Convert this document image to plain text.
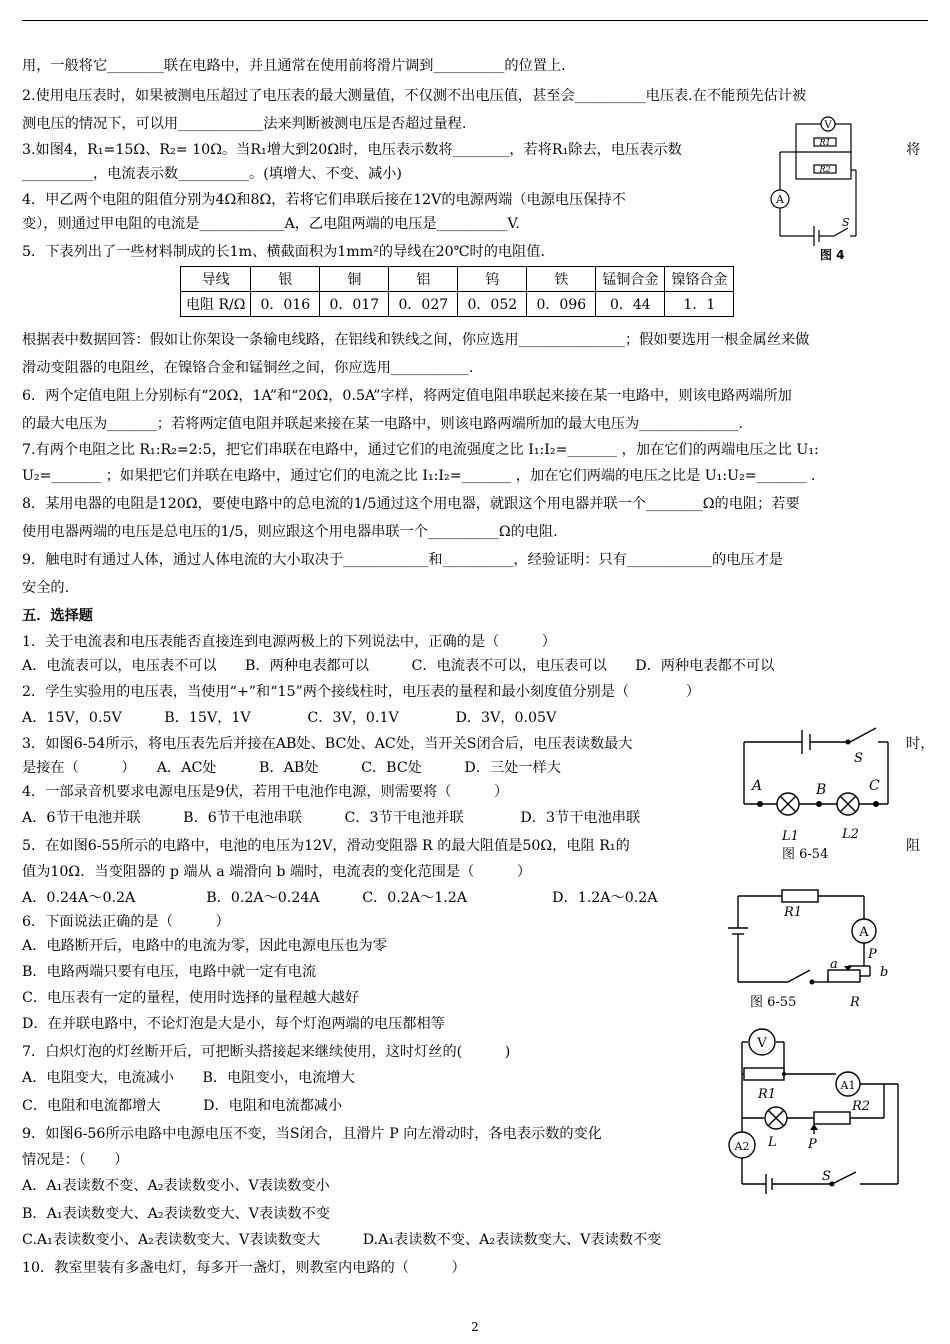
用，一般将它________联在电路中，并且通常在使用前将滑片调到__________的位置上.
2.使用电压表时，如果被测电压超过了电压表的最大测量值，不仅测不出电压值，甚至会__________电压表.在不能预先估计被
测电压的情况下，可以用____________法来判断被测电压是否超过量程.
3.如图4，R₁=15Ω、R₂= 10Ω。当R₁增大到20Ω时，电压表示数将________，若将R₁除去，电压表示数	将
__________，电流表示数__________。(填增大、不变、减小)
4．甲乙两个电阻的阻值分别为4Ω和8Ω，若将它们串联后接在12V的电源两端（电源电压保持不
变），则通过甲电阻的电流是____________A，乙电阻两端的电压是__________V.
5．下表列出了一些材料制成的长1m、横截面积为1mm²的导线在20℃时的电阻值.
根据表中数据回答：假如让你架设一条输电线路，在铝线和铁线之间，你应选用_______________；假如要选用一根金属丝来做
滑动变阻器的电阻丝，在镍铬合金和锰铜丝之间，你应选用___________.
6．两个定值电阻上分别标有“20Ω，1A”和“20Ω，0.5A”字样，将两定值电阻串联起来接在某一电路中，则该电路两端所加
的最大电压为_______；若将两定值电阻并联起来接在某一电路中，则该电路两端所加的最大电压为______________.
7.有两个电阻之比 R₁:R₂=2:5，把它们串联在电路中，通过它们的电流强度之比 I₁:I₂=_______ ，加在它们的两端电压之比 U₁:
U₂=_______ ；如果把它们并联在电路中，通过它们的电流之比 I₁:I₂=_______ ，加在它们两端的电压之比是 U₁:U₂=_______ .
8．某用电器的电阻是120Ω，要使电路中的总电流的1/5通过这个用电器，就跟这个用电器并联一个________Ω的电阻；若要
使用电器两端的电压是总电压的1/5，则应跟这个用电器串联一个__________Ω的电阻.
9．触电时有通过人体，通过人体电流的大小取决于____________和__________，经验证明：只有____________的电压才是
安全的.
五．选择题
1．关于电流表和电压表能否直接连到电源两极上的下列说法中，正确的是（　　　）
A．电流表可以，电压表不可以　　B．两种电表都可以　　　C．电流表不可以，电压表可以　　D．两种电表都不可以
2．学生实验用的电压表，当使用“+”和“15”两个接线柱时，电压表的量程和最小刻度值分别是（　　　　）
A．15V，0.5V　　　B．15V，1V　　　　C．3V，0.1V　　　　D．3V，0.05V
3．如图6-54所示，将电压表先后并接在AB处、BC处、AC处，当开关S闭合后，电压表读数最大	时，
是接在（　　　）　　A．AC处　　　B．AB处　　　C．BC处　　　D．三处一样大
4．一部录音机要求电源电压是9伏，若用干电池作电源，则需要将（　　　）
A．6节干电池并联　　　B．6节干电池串联　　　C．3节干电池并联　　　　D．3节干电池串联
5．在如图6-55所示的电路中，电池的电压为12V，滑动变阻器 R 的最大阻值是50Ω，电阻 R₁的	阻
值为10Ω．当变阻器的 p 端从 a 端滑向 b 端时，电流表的变化范围是（　　　）
A．0.24A～0.2A　　　　　B．0.2A～0.24A　　　C．0.2A～1.2A　　　　　　D．1.2A～0.2A
6．下面说法正确的是（　　　）
A．电路断开后，电路中的电流为零，因此电源电压也为零
B．电路两端只要有电压，电路中就一定有电流
C．电压表有一定的量程，使用时选择的量程越大越好
D．在并联电路中，不论灯泡是大是小，每个灯泡两端的电压都相等
7．白炽灯泡的灯丝断开后，可把断头搭接起来继续使用，这时灯丝的(　　　)
A．电阻变大，电流减小　　B．电阻变小，电流增大
C．电阻和电流都增大　　　D．电阻和电流都减小
9．如图6-56所示电路中电源电压不变，当S闭合，且滑片 P 向左滑动时，各电表示数的变化
情况是：（　　）
A．A₁表读数不变、A₂表读数变小、V表读数变小
B．A₁表读数变大、A₂表读数变大、V表读数不变
C.A₁表读数变小、A₂表读数变大、V表读数变大　　　D.A₁表读数不变、A₂表读数变大、V表读数不变
10．教室里装有多盏电灯，每多开一盏灯，则教室内电路的（　　　）
导线	银	铜	铝	钨	铁	锰铜合金	镍铬合金
电阻 R/Ω	0．016	0．017	0．027	0．052	0．096	0．44	1．1
V
A
R1
R2
S
图 4
A	B	C
S
L1	L2
图 6-54
R1
A
P
a
b
R
图 6-55
V
R1
A1
A2 L P
R2
S
2
